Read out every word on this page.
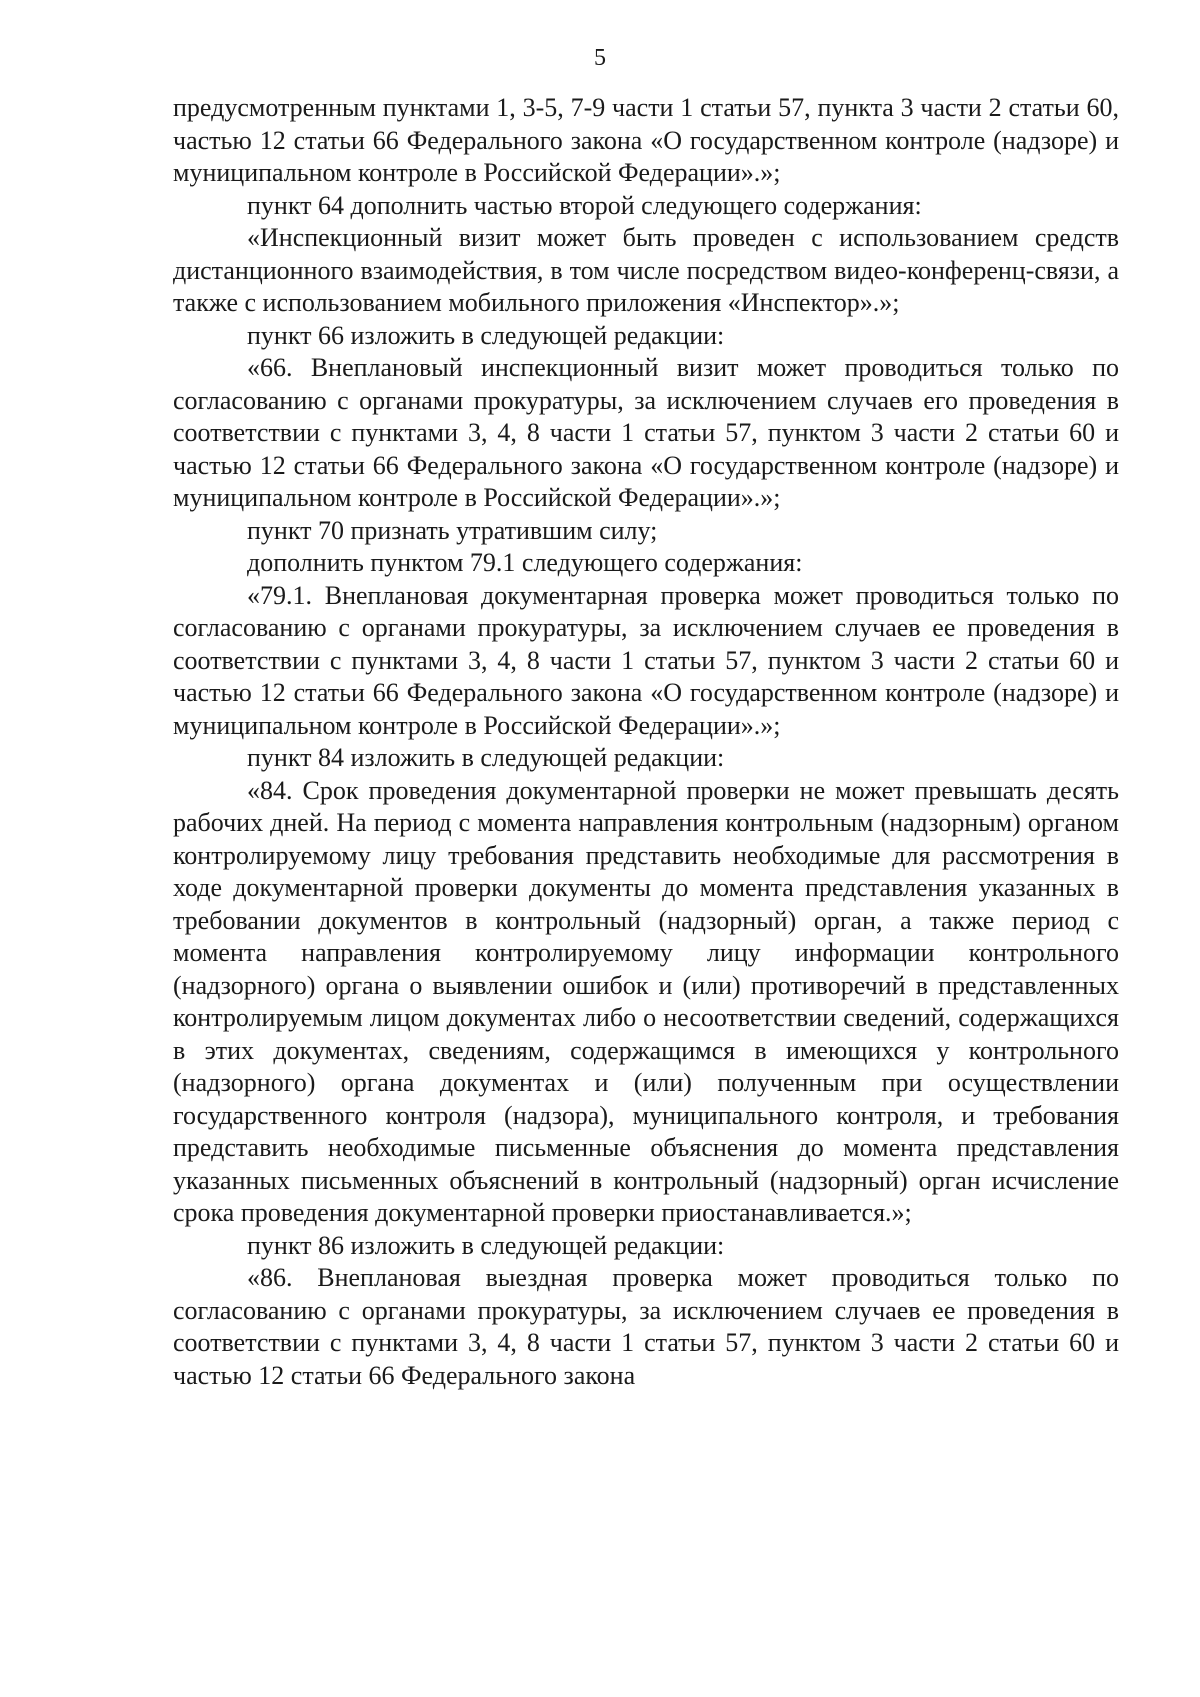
5

предусмотренным пунктами 1, 3-5, 7-9 части 1 статьи 57, пункта 3 части 2 статьи 60, частью 12 статьи 66 Федерального закона «О государственном контроле (надзоре) и муниципальном контроле в Российской Федерации».»;

пункт 64 дополнить частью второй следующего содержания:

«Инспекционный визит может быть проведен с использованием средств дистанционного взаимодействия, в том числе посредством видео-конференц-связи, а также с использованием мобильного приложения «Инспектор».»;

пункт 66 изложить в следующей редакции:

«66. Внеплановый инспекционный визит может проводиться только по согласованию с органами прокуратуры, за исключением случаев его проведения в соответствии с пунктами 3, 4, 8 части 1 статьи 57, пунктом 3 части 2 статьи 60 и частью 12 статьи 66 Федерального закона «О государственном контроле (надзоре) и муниципальном контроле в Российской Федерации».»;

пункт 70 признать утратившим силу;

дополнить пунктом 79.1 следующего содержания:

«79.1. Внеплановая документарная проверка может проводиться только по согласованию с органами прокуратуры, за исключением случаев ее проведения в соответствии с пунктами 3, 4, 8 части 1 статьи 57, пунктом 3 части 2 статьи 60 и частью 12 статьи 66 Федерального закона «О государственном контроле (надзоре) и муниципальном контроле в Российской Федерации».»;

пункт 84 изложить в следующей редакции:

«84. Срок проведения документарной проверки не может превышать десять рабочих дней. На период с момента направления контрольным (надзорным) органом контролируемому лицу требования представить необходимые для рассмотрения в ходе документарной проверки документы до момента представления указанных в требовании документов в контрольный (надзорный) орган, а также период с момента направления контролируемому лицу информации контрольного (надзорного) органа о выявлении ошибок и (или) противоречий в представленных контролируемым лицом документах либо о несоответствии сведений, содержащихся в этих документах, сведениям, содержащимся в имеющихся у контрольного (надзорного) органа документах и (или) полученным при осуществлении государственного контроля (надзора), муниципального контроля, и требования представить необходимые письменные объяснения до момента представления указанных письменных объяснений в контрольный (надзорный) орган исчисление срока проведения документарной проверки приостанавливается.»;

пункт 86 изложить в следующей редакции:

«86. Внеплановая выездная проверка может проводиться только по согласованию с органами прокуратуры, за исключением случаев ее проведения в соответствии с пунктами 3, 4, 8 части 1 статьи 57, пунктом 3 части 2 статьи 60 и частью 12 статьи 66 Федерального закона
